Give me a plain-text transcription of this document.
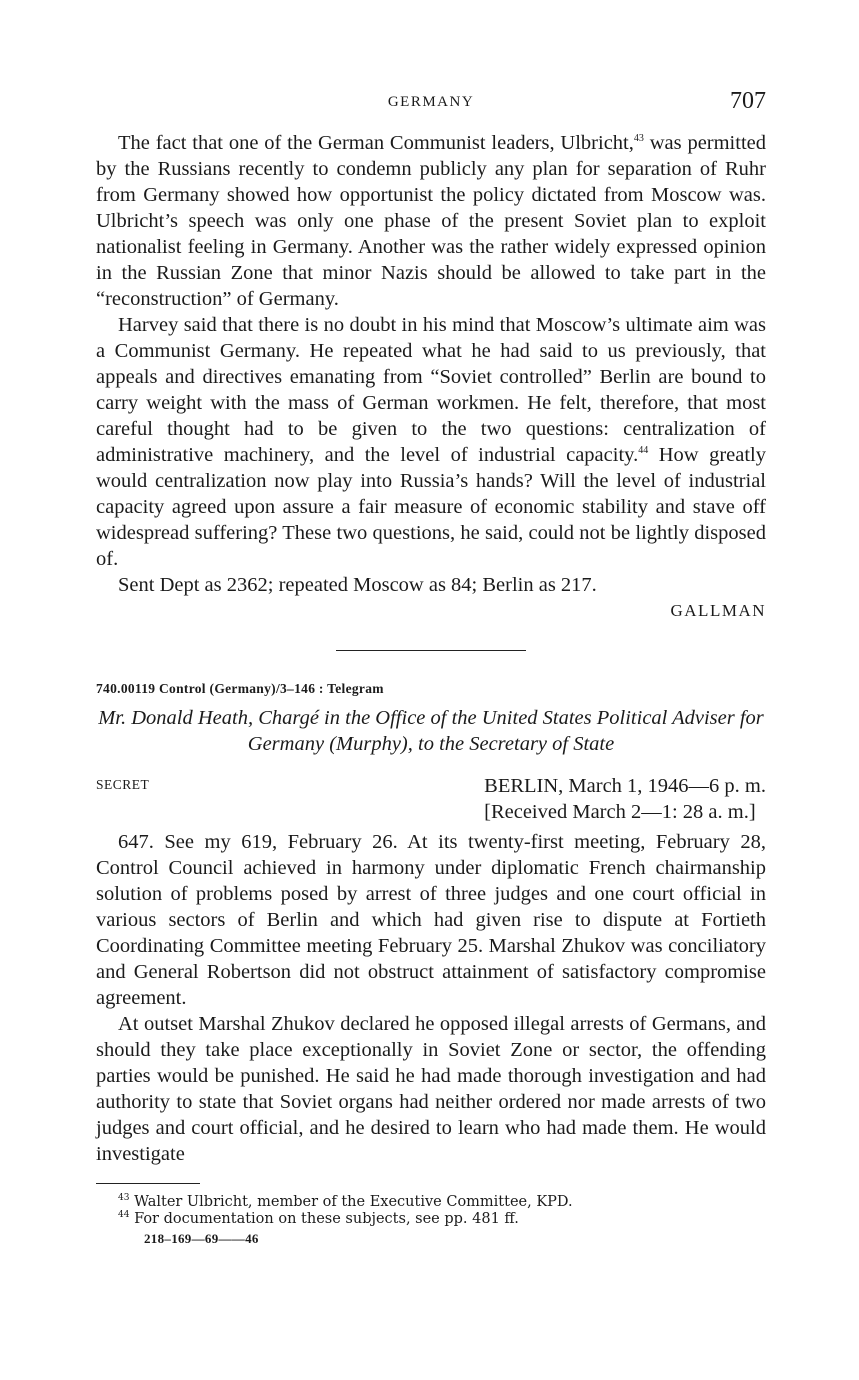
GERMANY	707

The fact that one of the German Communist leaders, Ulbricht,$^{43}$ was permitted by the Russians recently to condemn publicly any plan for separation of Ruhr from Germany showed how opportunist the policy dictated from Moscow was. Ulbricht’s speech was only one phase of the present Soviet plan to exploit nationalist feeling in Germany. Another was the rather widely expressed opinion in the Russian Zone that minor Nazis should be allowed to take part in the “reconstruction” of Germany.

Harvey said that there is no doubt in his mind that Moscow’s ultimate aim was a Communist Germany. He repeated what he had said to us previously, that appeals and directives emanating from “Soviet controlled” Berlin are bound to carry weight with the mass of German workmen. He felt, therefore, that most careful thought had to be given to the two questions: centralization of administrative machinery, and the level of industrial capacity.$^{44}$ How greatly would centralization now play into Russia’s hands? Will the level of industrial capacity agreed upon assure a fair measure of economic stability and stave off widespread suffering? These two questions, he said, could not be lightly disposed of.

Sent Dept as 2362; repeated Moscow as 84; Berlin as 217.

GALLMAN
740.00119 Control (Germany)/3–146 : Telegram
Mr. Donald Heath, Chargé in the Office of the United States Political Adviser for Germany (Murphy), to the Secretary of State
SECRET	BERLIN, March 1, 1946—6 p. m.
[Received March 2—1: 28 a. m.]

647. See my 619, February 26. At its twenty-first meeting, February 28, Control Council achieved in harmony under diplomatic French chairmanship solution of problems posed by arrest of three judges and one court official in various sectors of Berlin and which had given rise to dispute at Fortieth Coordinating Committee meeting February 25. Marshal Zhukov was conciliatory and General Robertson did not obstruct attainment of satisfactory compromise agreement.

At outset Marshal Zhukov declared he opposed illegal arrests of Germans, and should they take place exceptionally in Soviet Zone or sector, the offending parties would be punished. He said he had made thorough investigation and had authority to state that Soviet organs had neither ordered nor made arrests of two judges and court official, and he desired to learn who had made them. He would investigate

$^{43}$ Walter Ulbricht, member of the Executive Committee, KPD.
$^{44}$ For documentation on these subjects, see pp. 481 ff.
218–169—69——46
